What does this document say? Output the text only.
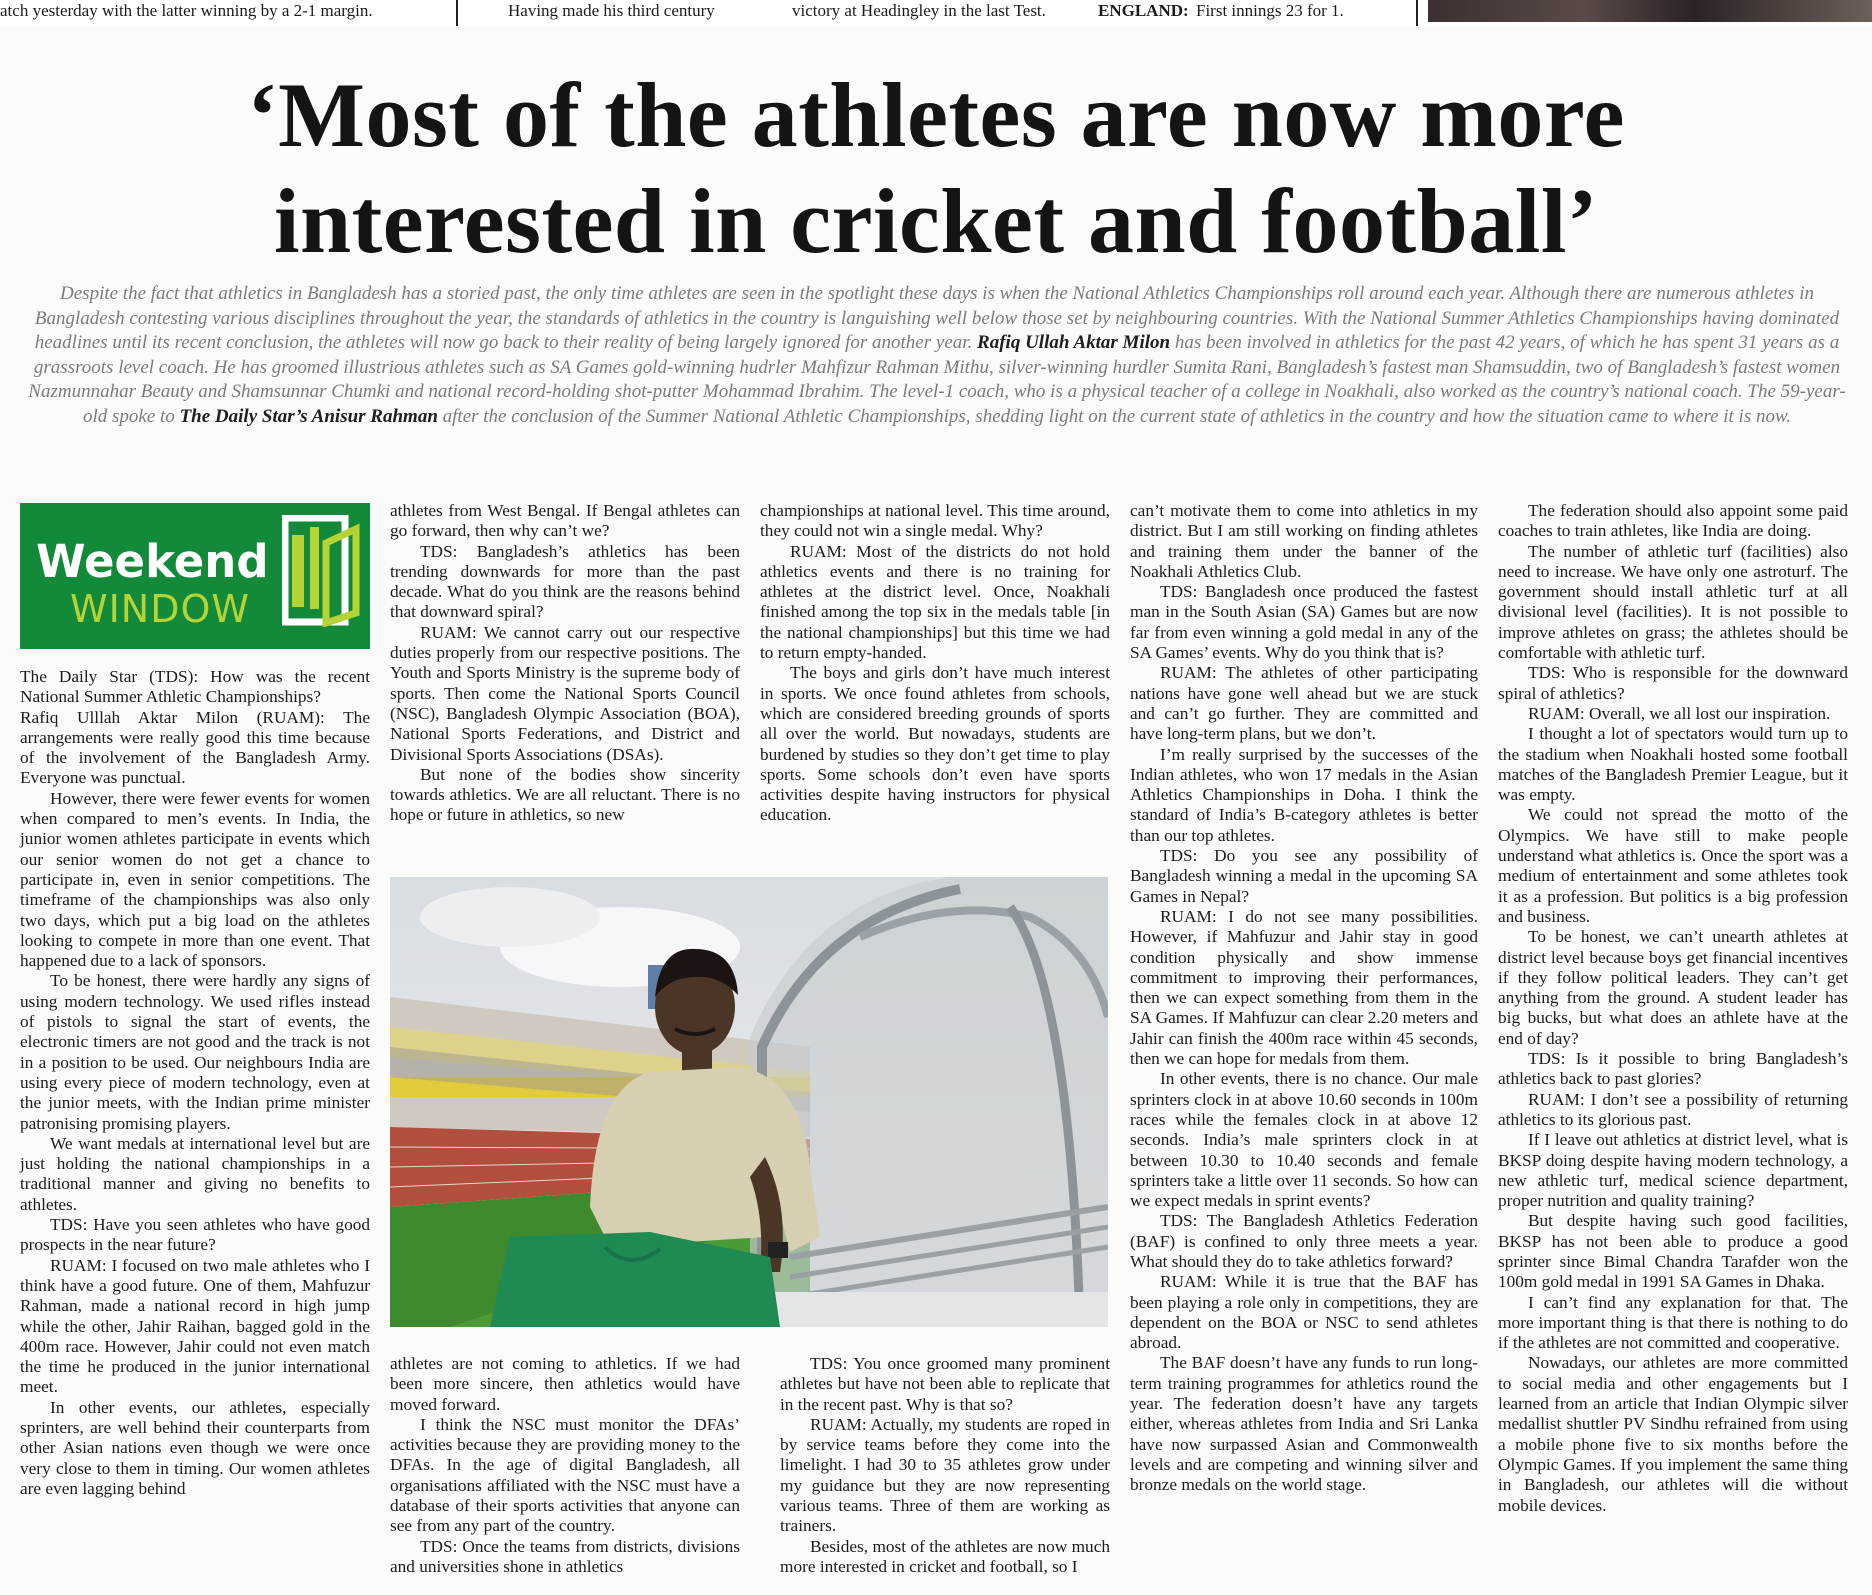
atch yesterday with the latter winning by a 2-1 margin.	Having made his third century	victory at Headingley in the last Test.	ENGLAND: First innings 23 for 1.
‘Most of the athletes are now more
interested in cricket and football’

Despite the fact that athletics in Bangladesh has a storied past, the only time athletes are seen in the spotlight these days is when the National Athletics Championships roll around each year. Although there are numerous athletes in Bangladesh contesting various disciplines throughout the year, the standards of athletics in the country is languishing well below those set by neighbouring countries. With the National Summer Athletics Championships having dominated headlines until its recent conclusion, the athletes will now go back to their reality of being largely ignored for another year. Rafiq Ullah Aktar Milon has been involved in athletics for the past 42 years, of which he has spent 31 years as a grassroots level coach. He has groomed illustrious athletes such as SA Games gold-winning hudrler Mahfizur Rahman Mithu, silver-winning hurdler Sumita Rani, Bangladesh’s fastest man Shamsuddin, two of Bangladesh’s fastest women Nazmunnahar Beauty and Shamsunnar Chumki and national record-holding shot-putter Mohammad Ibrahim. The level-1 coach, who is a physical teacher of a college in Noakhali, also worked as the country’s national coach. The 59-year-old spoke to The Daily Star’s Anisur Rahman after the conclusion of the Summer National Athletic Championships, shedding light on the current state of athletics in the country and how the situation came to where it is now.

Weekend
WINDOW

The Daily Star (TDS): How was the recent National Summer Athletic Championships?

Rafiq Ulllah Aktar Milon (RUAM): The arrangements were really good this time because of the involvement of the Bangladesh Army. Everyone was punctual.

However, there were fewer events for women when compared to men’s events. In India, the junior women athletes participate in events which our senior women do not get a chance to participate in, even in senior competitions. The timeframe of the championships was also only two days, which put a big load on the athletes looking to compete in more than one event. That happened due to a lack of sponsors.

To be honest, there were hardly any signs of using modern technology. We used rifles instead of pistols to signal the start of events, the electronic timers are not good and the track is not in a position to be used. Our neighbours India are using every piece of modern technology, even at the junior meets, with the Indian prime minister patronising promising players.

We want medals at international level but are just holding the national championships in a traditional manner and giving no benefits to athletes.

TDS: Have you seen athletes who have good prospects in the near future?

RUAM: I focused on two male athletes who I think have a good future. One of them, Mahfuzur Rahman, made a national record in high jump while the other, Jahir Raihan, bagged gold in the 400m race. However, Jahir could not even match the time he produced in the junior international meet.

In other events, our athletes, especially sprinters, are well behind their counterparts from other Asian nations even though we were once very close to them in timing. Our women athletes are even lagging behind

athletes from West Bengal. If Bengal athletes can go forward, then why can’t we?

TDS: Bangladesh’s athletics has been trending downwards for more than the past decade. What do you think are the reasons behind that downward spiral?

RUAM: We cannot carry out our respective duties properly from our respective positions. The Youth and Sports Ministry is the supreme body of sports. Then come the National Sports Council (NSC), Bangladesh Olympic Association (BOA), National Sports Federations, and District and Divisional Sports Associations (DSAs).

But none of the bodies show sincerity towards athletics. We are all reluctant. There is no hope or future in athletics, so new

championships at national level. This time around, they could not win a single medal. Why?

RUAM: Most of the districts do not hold athletics events and there is no training for athletes at the district level. Once, Noakhali finished among the top six in the medals table [in the national championships] but this time we had to return empty-handed.

The boys and girls don’t have much interest in sports. We once found athletes from schools, which are considered breeding grounds of sports all over the world. But nowadays, students are burdened by studies so they don’t get time to play sports. Some schools don’t even have sports activities despite having instructors for physical education.

athletes are not coming to athletics. If we had been more sincere, then athletics would have moved forward.

I think the NSC must monitor the DFAs’ activities because they are providing money to the DFAs. In the age of digital Bangladesh, all organisations affiliated with the NSC must have a database of their sports activities that anyone can see from any part of the country.

TDS: Once the teams from districts, divisions and universities shone in athletics

TDS: You once groomed many prominent athletes but have not been able to replicate that in the recent past. Why is that so?

RUAM: Actually, my students are roped in by service teams before they come into the limelight. I had 30 to 35 athletes grow under my guidance but they are now representing various teams. Three of them are working as trainers.

Besides, most of the athletes are now much more interested in cricket and football, so I

can’t motivate them to come into athletics in my district. But I am still working on finding athletes and training them under the banner of the Noakhali Athletics Club.

TDS: Bangladesh once produced the fastest man in the South Asian (SA) Games but are now far from even winning a gold medal in any of the SA Games’ events. Why do you think that is?

RUAM: The athletes of other participating nations have gone well ahead but we are stuck and can’t go further. They are committed and have long-term plans, but we don’t.

I’m really surprised by the successes of the Indian athletes, who won 17 medals in the Asian Athletics Championships in Doha. I think the standard of India’s B-category athletes is better than our top athletes.

TDS: Do you see any possibility of Bangladesh winning a medal in the upcoming SA Games in Nepal?

RUAM: I do not see many possibilities. However, if Mahfuzur and Jahir stay in good condition physically and show immense commitment to improving their performances, then we can expect something from them in the SA Games. If Mahfuzur can clear 2.20 meters and Jahir can finish the 400m race within 45 seconds, then we can hope for medals from them.

In other events, there is no chance. Our male sprinters clock in at above 10.60 seconds in 100m races while the females clock in at above 12 seconds. India’s male sprinters clock in at between 10.30 to 10.40 seconds and female sprinters take a little over 11 seconds. So how can we expect medals in sprint events?

TDS: The Bangladesh Athletics Federation (BAF) is confined to only three meets a year. What should they do to take athletics forward?

RUAM: While it is true that the BAF has been playing a role only in competitions, they are dependent on the BOA or NSC to send athletes abroad.

The BAF doesn’t have any funds to run long-term training programmes for athletics round the year. The federation doesn’t have any targets either, whereas athletes from India and Sri Lanka have now surpassed Asian and Commonwealth levels and are competing and winning silver and bronze medals on the world stage.

The federation should also appoint some paid coaches to train athletes, like India are doing.

The number of athletic turf (facilities) also need to increase. We have only one astroturf. The government should install athletic turf at all divisional level (facilities). It is not possible to improve athletes on grass; the athletes should be comfortable with athletic turf.

TDS: Who is responsible for the downward spiral of athletics?

RUAM: Overall, we all lost our inspiration.

I thought a lot of spectators would turn up to the stadium when Noakhali hosted some football matches of the Bangladesh Premier League, but it was empty.

We could not spread the motto of the Olympics. We have still to make people understand what athletics is. Once the sport was a medium of entertainment and some athletes took it as a profession. But politics is a big profession and business.

To be honest, we can’t unearth athletes at district level because boys get financial incentives if they follow political leaders. They can’t get anything from the ground. A student leader has big bucks, but what does an athlete have at the end of day?

TDS: Is it possible to bring Bangladesh’s athletics back to past glories?

RUAM: I don’t see a possibility of returning athletics to its glorious past.

If I leave out athletics at district level, what is BKSP doing despite having modern technology, a new athletic turf, medical science department, proper nutrition and quality training?

But despite having such good facilities, BKSP has not been able to produce a good sprinter since Bimal Chandra Tarafder won the 100m gold medal in 1991 SA Games in Dhaka.

I can’t find any explanation for that. The more important thing is that there is nothing to do if the athletes are not committed and cooperative.

Nowadays, our athletes are more committed to social media and other engagements but I learned from an article that Indian Olympic silver medallist shuttler PV Sindhu refrained from using a mobile phone five to six months before the Olympic Games. If you implement the same thing in Bangladesh, our athletes will die without mobile devices.
